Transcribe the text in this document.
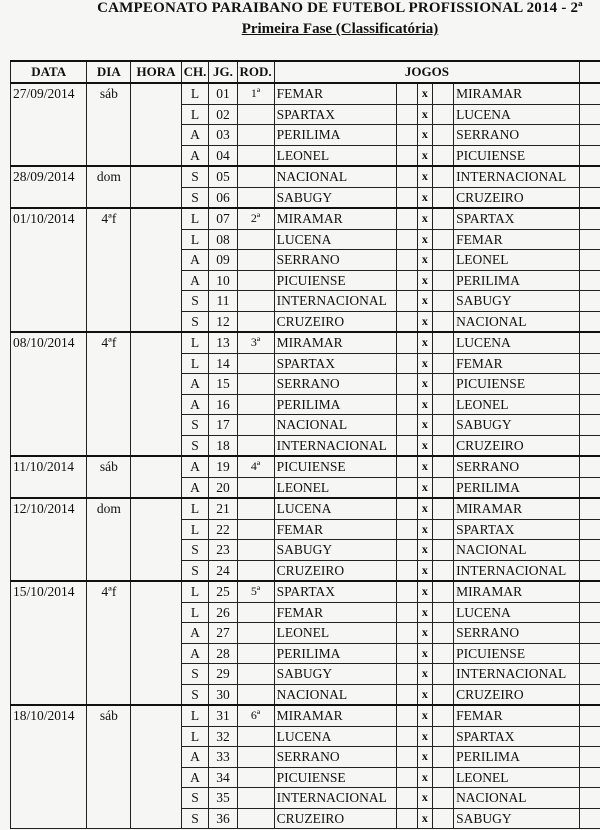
CAMPEONATO PARAIBANO DE FUTEBOL PROFISSIONAL 2014 - 2ª
Primeira Fase (Classificatória)
DATA	DIA	HORA	CH.	JG.	ROD.	JOGOS					
27/09/2014	sáb		L	01	1ª	FEMAR		x		MIRAMAR	
			L	02		SPARTAX		x		LUCENA	
			A	03		PERILIMA		x		SERRANO	
			A	04		LEONEL		x		PICUIENSE	
28/09/2014	dom		S	05		NACIONAL		x		INTERNACIONAL	
			S	06		SABUGY		x		CRUZEIRO	
01/10/2014	4ªf		L	07	2ª	MIRAMAR		x		SPARTAX	
			L	08		LUCENA		x		FEMAR	
			A	09		SERRANO		x		LEONEL	
			A	10		PICUIENSE		x		PERILIMA	
			S	11		INTERNACIONAL		x		SABUGY	
			S	12		CRUZEIRO		x		NACIONAL	
08/10/2014	4ªf		L	13	3ª	MIRAMAR		x		LUCENA	
			L	14		SPARTAX		x		FEMAR	
			A	15		SERRANO		x		PICUIENSE	
			A	16		PERILIMA		x		LEONEL	
			S	17		NACIONAL		x		SABUGY	
			S	18		INTERNACIONAL		x		CRUZEIRO	
11/10/2014	sáb		A	19	4ª	PICUIENSE		x		SERRANO	
			A	20		LEONEL		x		PERILIMA	
12/10/2014	dom		L	21		LUCENA		x		MIRAMAR	
			L	22		FEMAR		x		SPARTAX	
			S	23		SABUGY		x		NACIONAL	
			S	24		CRUZEIRO		x		INTERNACIONAL	
15/10/2014	4ªf		L	25	5ª	SPARTAX		x		MIRAMAR	
			L	26		FEMAR		x		LUCENA	
			A	27		LEONEL		x		SERRANO	
			A	28		PERILIMA		x		PICUIENSE	
			S	29		SABUGY		x		INTERNACIONAL	
			S	30		NACIONAL		x		CRUZEIRO	
18/10/2014	sáb		L	31	6ª	MIRAMAR		x		FEMAR	
			L	32		LUCENA		x		SPARTAX	
			A	33		SERRANO		x		PERILIMA	
			A	34		PICUIENSE		x		LEONEL	
			S	35		INTERNACIONAL		x		NACIONAL	
			S	36		CRUZEIRO		x		SABUGY	
